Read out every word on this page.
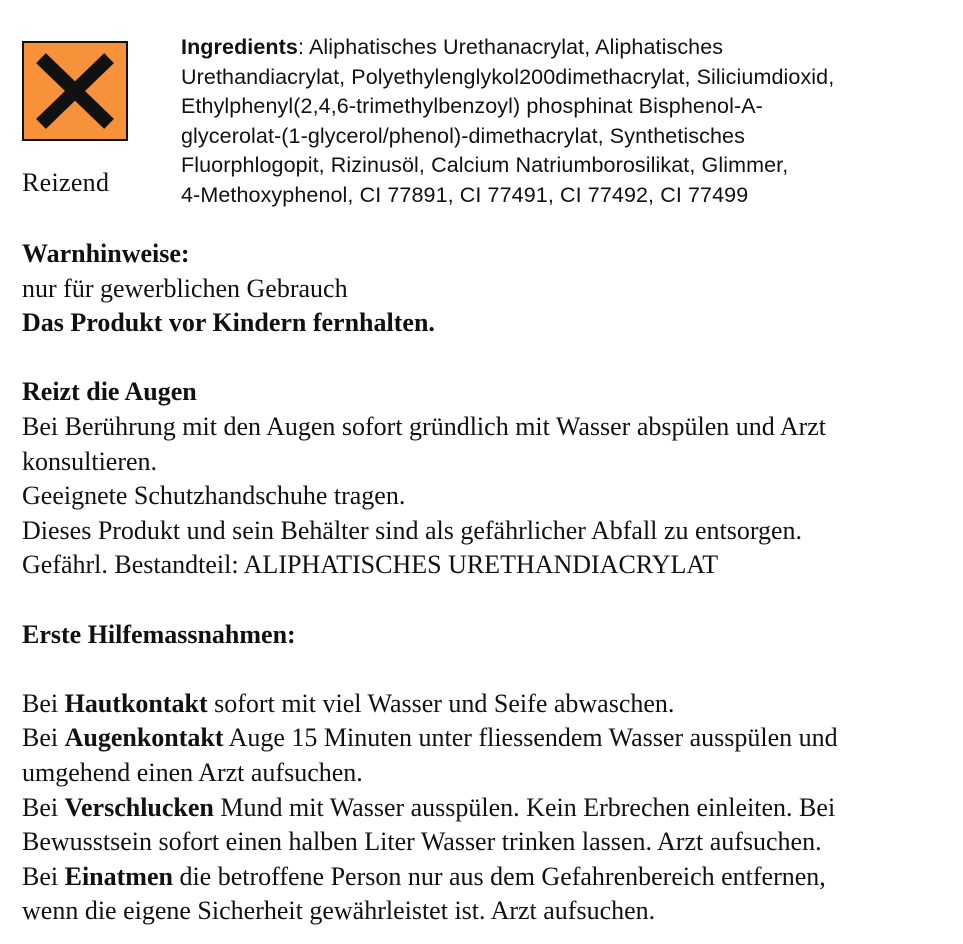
Reizend
Ingredients: Aliphatisches Urethanacrylat, Aliphatisches
Urethandiacrylat, Polyethylenglykol200dimethacrylat, Siliciumdioxid,
Ethylphenyl(2,4,6-trimethylbenzoyl) phosphinat Bisphenol-A-
glycerolat-(1-glycerol/phenol)-dimethacrylat, Synthetisches
Fluorphlogopit, Rizinusöl, Calcium Natriumborosilikat, Glimmer,
4-Methoxyphenol, CI 77891, CI 77491, CI 77492, CI 77499
Warnhinweise:
nur für gewerblichen Gebrauch
Das Produkt vor Kindern fernhalten.
Reizt die Augen
Bei Berührung mit den Augen sofort gründlich mit Wasser abspülen und Arzt
konsultieren.
Geeignete Schutzhandschuhe tragen.
Dieses Produkt und sein Behälter sind als gefährlicher Abfall zu entsorgen.
Gefährl. Bestandteil: ALIPHATISCHES URETHANDIACRYLAT
Erste Hilfemassnahmen:
Bei Hautkontakt sofort mit viel Wasser und Seife abwaschen.
Bei Augenkontakt Auge 15 Minuten unter fliessendem Wasser ausspülen und
umgehend einen Arzt aufsuchen.
Bei Verschlucken Mund mit Wasser ausspülen. Kein Erbrechen einleiten. Bei
Bewusstsein sofort einen halben Liter Wasser trinken lassen. Arzt aufsuchen.
Bei Einatmen die betroffene Person nur aus dem Gefahrenbereich entfernen,
wenn die eigene Sicherheit gewährleistet ist. Arzt aufsuchen.
